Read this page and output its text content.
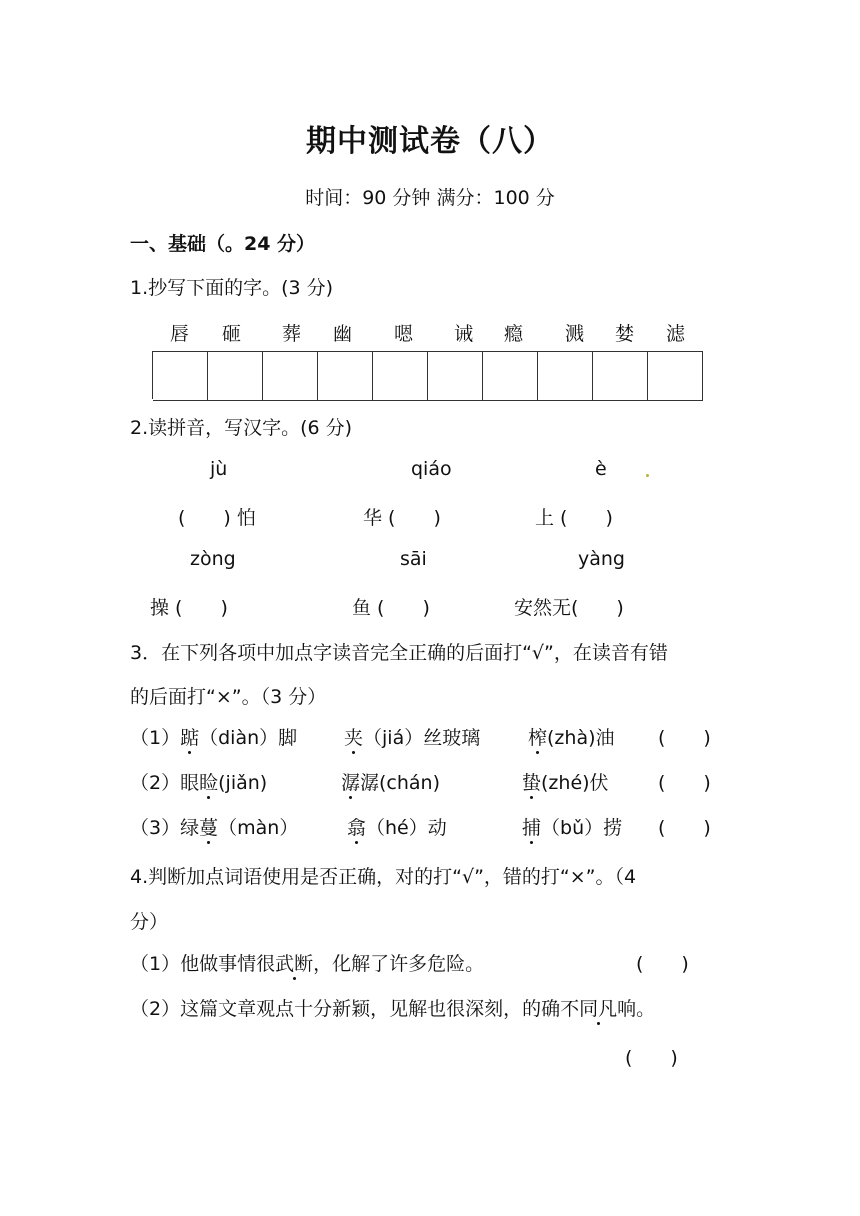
期中测试卷（八）
时间：90 分钟 满分：100 分
一、基础（。24 分）
1.抄写下面的字。(3 分)
唇	砸	葬	幽	嗯	诫	瘾	溅	婪	滤
2.读拼音，写汉字。(6 分)
jù	qiáo	è
(　　) 怕	华 (　　)	上 (　　)
zòng	sāi	yàng
操 (　　)	鱼 (　　)	安然无(　　)
3．在下列各项中加点字读音完全正确的后面打“√”，在读音有错
的后面打“×”。（3 分）
（1）踮（diàn）脚 夹（jiá）丝玻璃	榨(zhà)油 (　　)
（2）眼睑(jiǎn)	潺潺(chán)	蛰(zhé)伏	(　　)
（3）绿蔓（màn）	翕（hé）动	捕（bǔ）捞 (　　)
4.判断加点词语使用是否正确，对的打“√”，错的打“×”。（4
分）
（1）他做事情很武断，化解了许多危险。	(　　)
（2）这篇文章观点十分新颖，见解也很深刻，的确不同凡响。
(　　)
